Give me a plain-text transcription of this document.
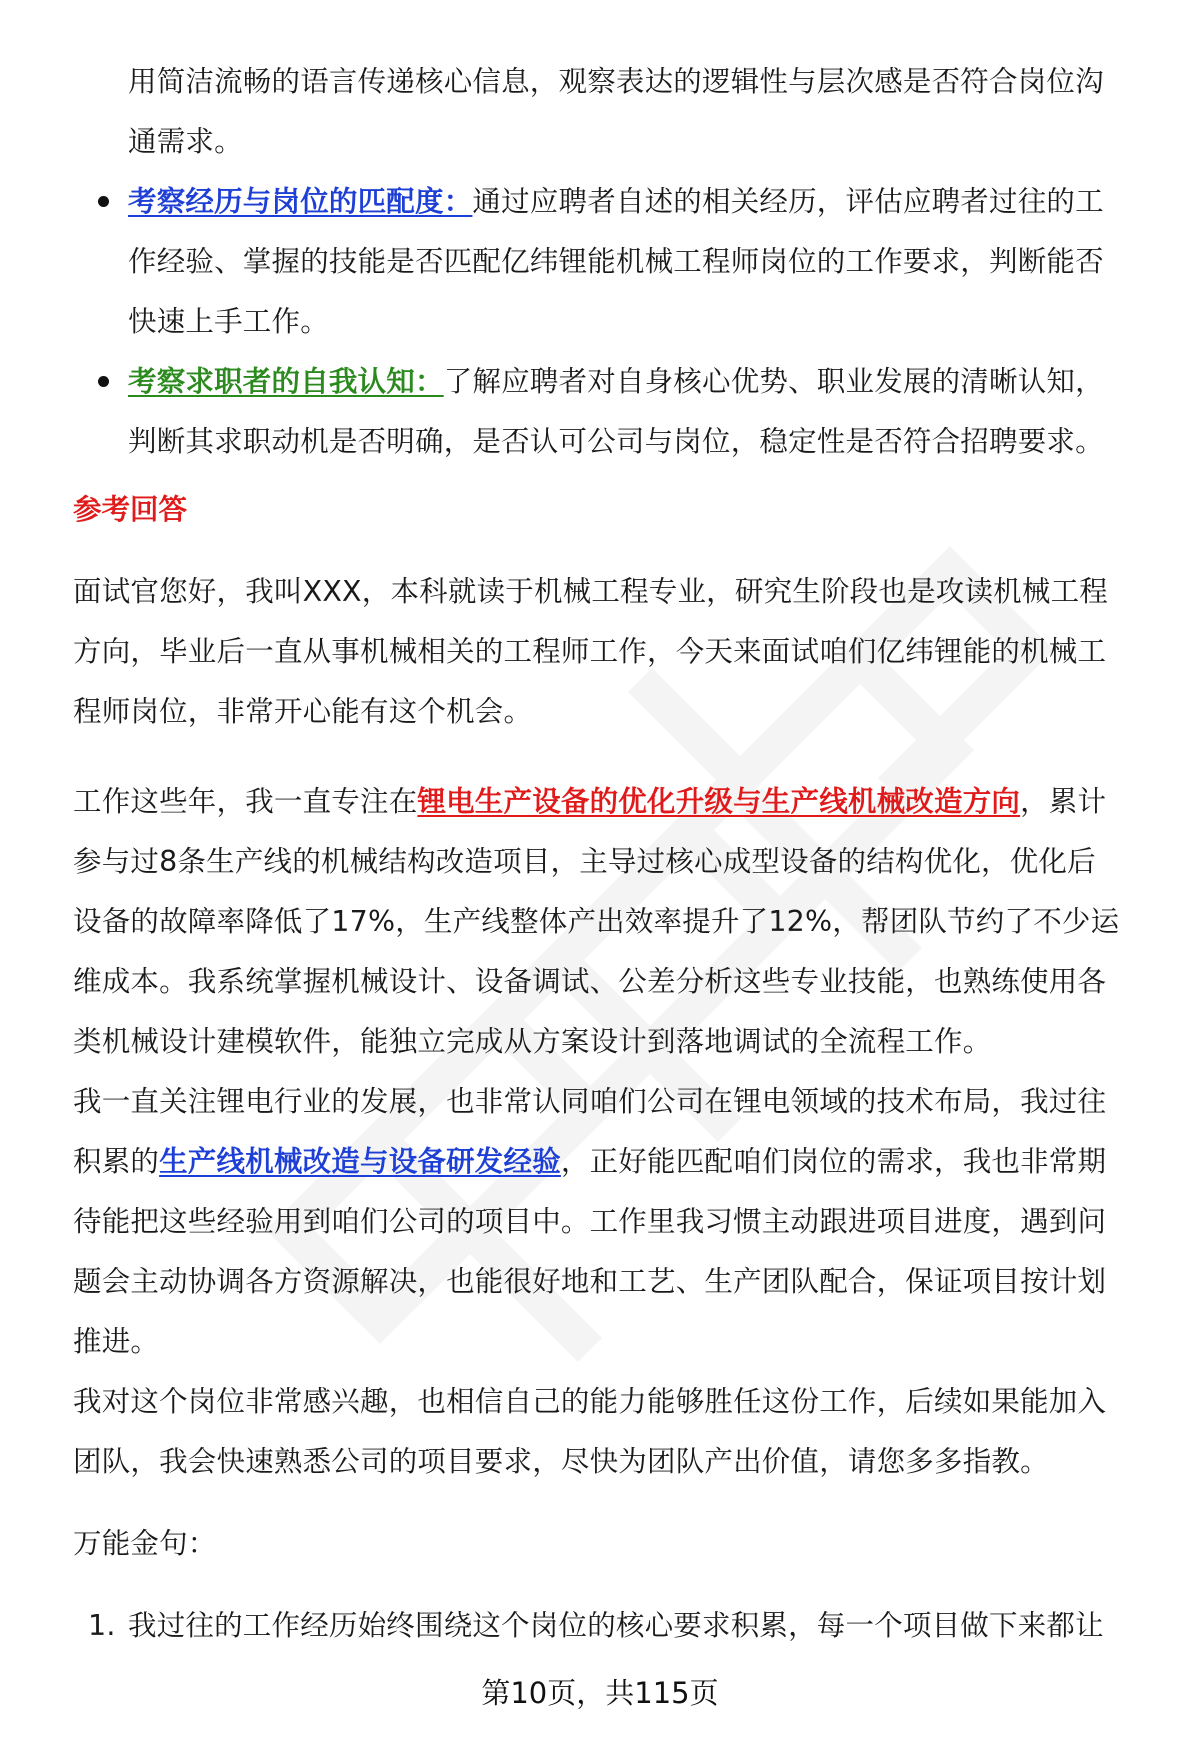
用简洁流畅的语言传递核心信息，观察表达的逻辑性与层次感是否符合岗位沟
通需求。
考察经历与岗位的匹配度：通过应聘者自述的相关经历，评估应聘者过往的工
作经验、掌握的技能是否匹配亿纬锂能机械工程师岗位的工作要求，判断能否
快速上手工作。
考察求职者的自我认知：了解应聘者对自身核心优势、职业发展的清晰认知，
判断其求职动机是否明确，是否认可公司与岗位，稳定性是否符合招聘要求。
参考回答
面试官您好，我叫XXX，本科就读于机械工程专业，研究生阶段也是攻读机械工程
方向，毕业后一直从事机械相关的工程师工作，今天来面试咱们亿纬锂能的机械工
程师岗位，非常开心能有这个机会。
工作这些年，我一直专注在锂电生产设备的优化升级与生产线机械改造方向，累计
参与过8条生产线的机械结构改造项目，主导过核心成型设备的结构优化，优化后
设备的故障率降低了17%，生产线整体产出效率提升了12%，帮团队节约了不少运
维成本。我系统掌握机械设计、设备调试、公差分析这些专业技能，也熟练使用各
类机械设计建模软件，能独立完成从方案设计到落地调试的全流程工作。
我一直关注锂电行业的发展，也非常认同咱们公司在锂电领域的技术布局，我过往
积累的生产线机械改造与设备研发经验，正好能匹配咱们岗位的需求，我也非常期
待能把这些经验用到咱们公司的项目中。工作里我习惯主动跟进项目进度，遇到问
题会主动协调各方资源解决，也能很好地和工艺、生产团队配合，保证项目按计划
推进。
我对这个岗位非常感兴趣，也相信自己的能力能够胜任这份工作，后续如果能加入
团队，我会快速熟悉公司的项目要求，尽快为团队产出价值，请您多多指教。
万能金句：
1. 我过往的工作经历始终围绕这个岗位的核心要求积累，每一个项目做下来都让
第10页，共115页
